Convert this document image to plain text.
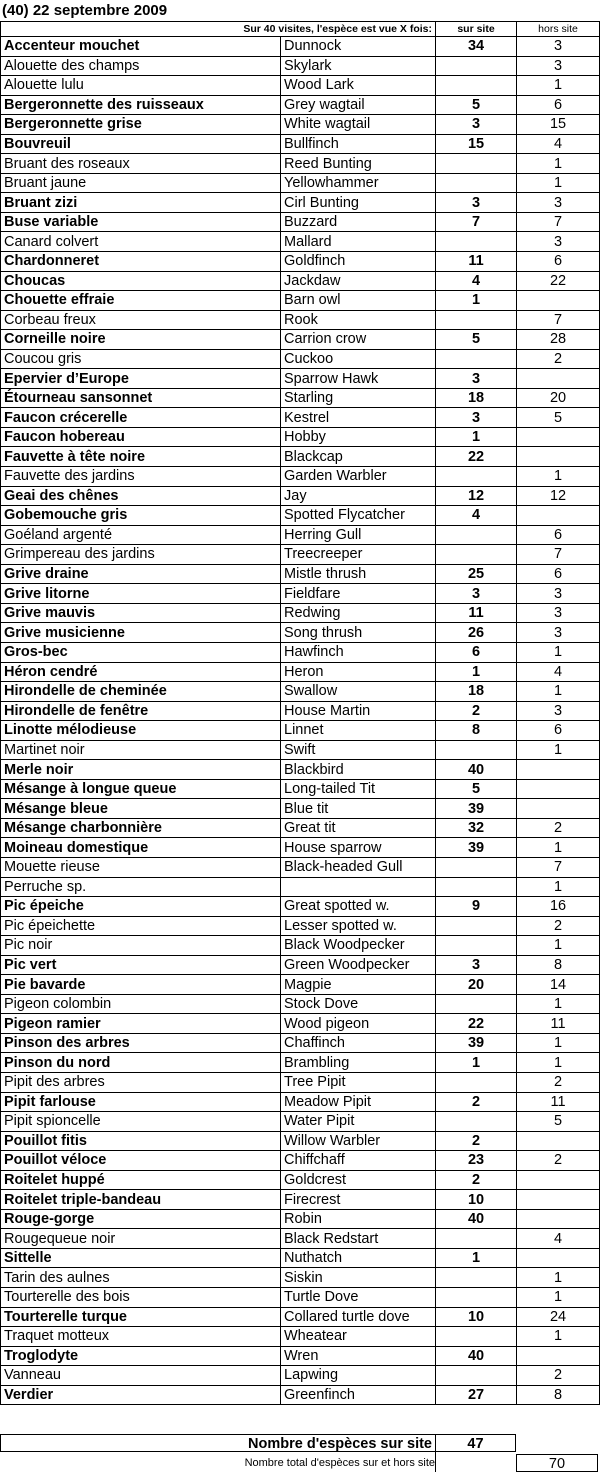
(40) 22 septembre 2009
Sur 40 visites, l'espèce est vue X fois:		sur site	hors site
Accenteur mouchet	Dunnock	34	3
Alouette des champs	Skylark		3
Alouette lulu	Wood Lark		1
Bergeronnette des ruisseaux	Grey wagtail	5	6
Bergeronnette grise	White wagtail	3	15
Bouvreuil	Bullfinch	15	4
Bruant des roseaux	Reed Bunting		1
Bruant jaune	Yellowhammer		1
Bruant zizi	Cirl Bunting	3	3
Buse variable	Buzzard	7	7
Canard colvert	Mallard		3
Chardonneret	Goldfinch	11	6
Choucas	Jackdaw	4	22
Chouette effraie	Barn owl	1	
Corbeau freux	Rook		7
Corneille noire	Carrion crow	5	28
Coucou gris	Cuckoo		2
Epervier d’Europe	Sparrow Hawk	3	
Étourneau sansonnet	Starling	18	20
Faucon crécerelle	Kestrel	3	5
Faucon hobereau	Hobby	1	
Fauvette à tête noire	Blackcap	22	
Fauvette des jardins	Garden Warbler		1
Geai des chênes	Jay	12	12
Gobemouche gris	Spotted Flycatcher	4	
Goéland argenté	Herring Gull		6
Grimpereau des jardins	Treecreeper		7
Grive draine	Mistle thrush	25	6
Grive litorne	Fieldfare	3	3
Grive mauvis	Redwing	11	3
Grive musicienne	Song thrush	26	3
Gros-bec	Hawfinch	6	1
Héron cendré	Heron	1	4
Hirondelle de cheminée	Swallow	18	1
Hirondelle de fenêtre	House Martin	2	3
Linotte mélodieuse	Linnet	8	6
Martinet noir	Swift		1
Merle noir	Blackbird	40	
Mésange à longue queue	Long-tailed Tit	5	
Mésange bleue	Blue tit	39	
Mésange charbonnière	Great tit	32	2
Moineau domestique	House sparrow	39	1
Mouette rieuse	Black-headed Gull		7
Perruche sp.			1
Pic épeiche	Great spotted w.	9	16
Pic épeichette	Lesser spotted w.		2
Pic noir	Black Woodpecker		1
Pic vert	Green Woodpecker	3	8
Pie bavarde	Magpie	20	14
Pigeon colombin	Stock Dove		1
Pigeon ramier	Wood pigeon	22	11
Pinson des arbres	Chaffinch	39	1
Pinson du nord	Brambling	1	1
Pipit des arbres	Tree Pipit		2
Pipit farlouse	Meadow Pipit	2	11
Pipit spioncelle	Water Pipit		5
Pouillot fitis	Willow Warbler	2	
Pouillot véloce	Chiffchaff	23	2
Roitelet huppé	Goldcrest	2	
Roitelet triple-bandeau	Firecrest	10	
Rouge-gorge	Robin	40	
Rougequeue noir	Black Redstart		4
Sittelle	Nuthatch	1	
Tarin des aulnes	Siskin		1
Tourterelle des bois	Turtle Dove		1
Tourterelle turque	Collared turtle dove	10	24
Traquet motteux	Wheatear		1
Troglodyte	Wren	40	
Vanneau	Lapwing		2
Verdier	Greenfinch	27	8
Nombre d'espèces sur site	47
Nombre total d'espèces sur et hors site	70
